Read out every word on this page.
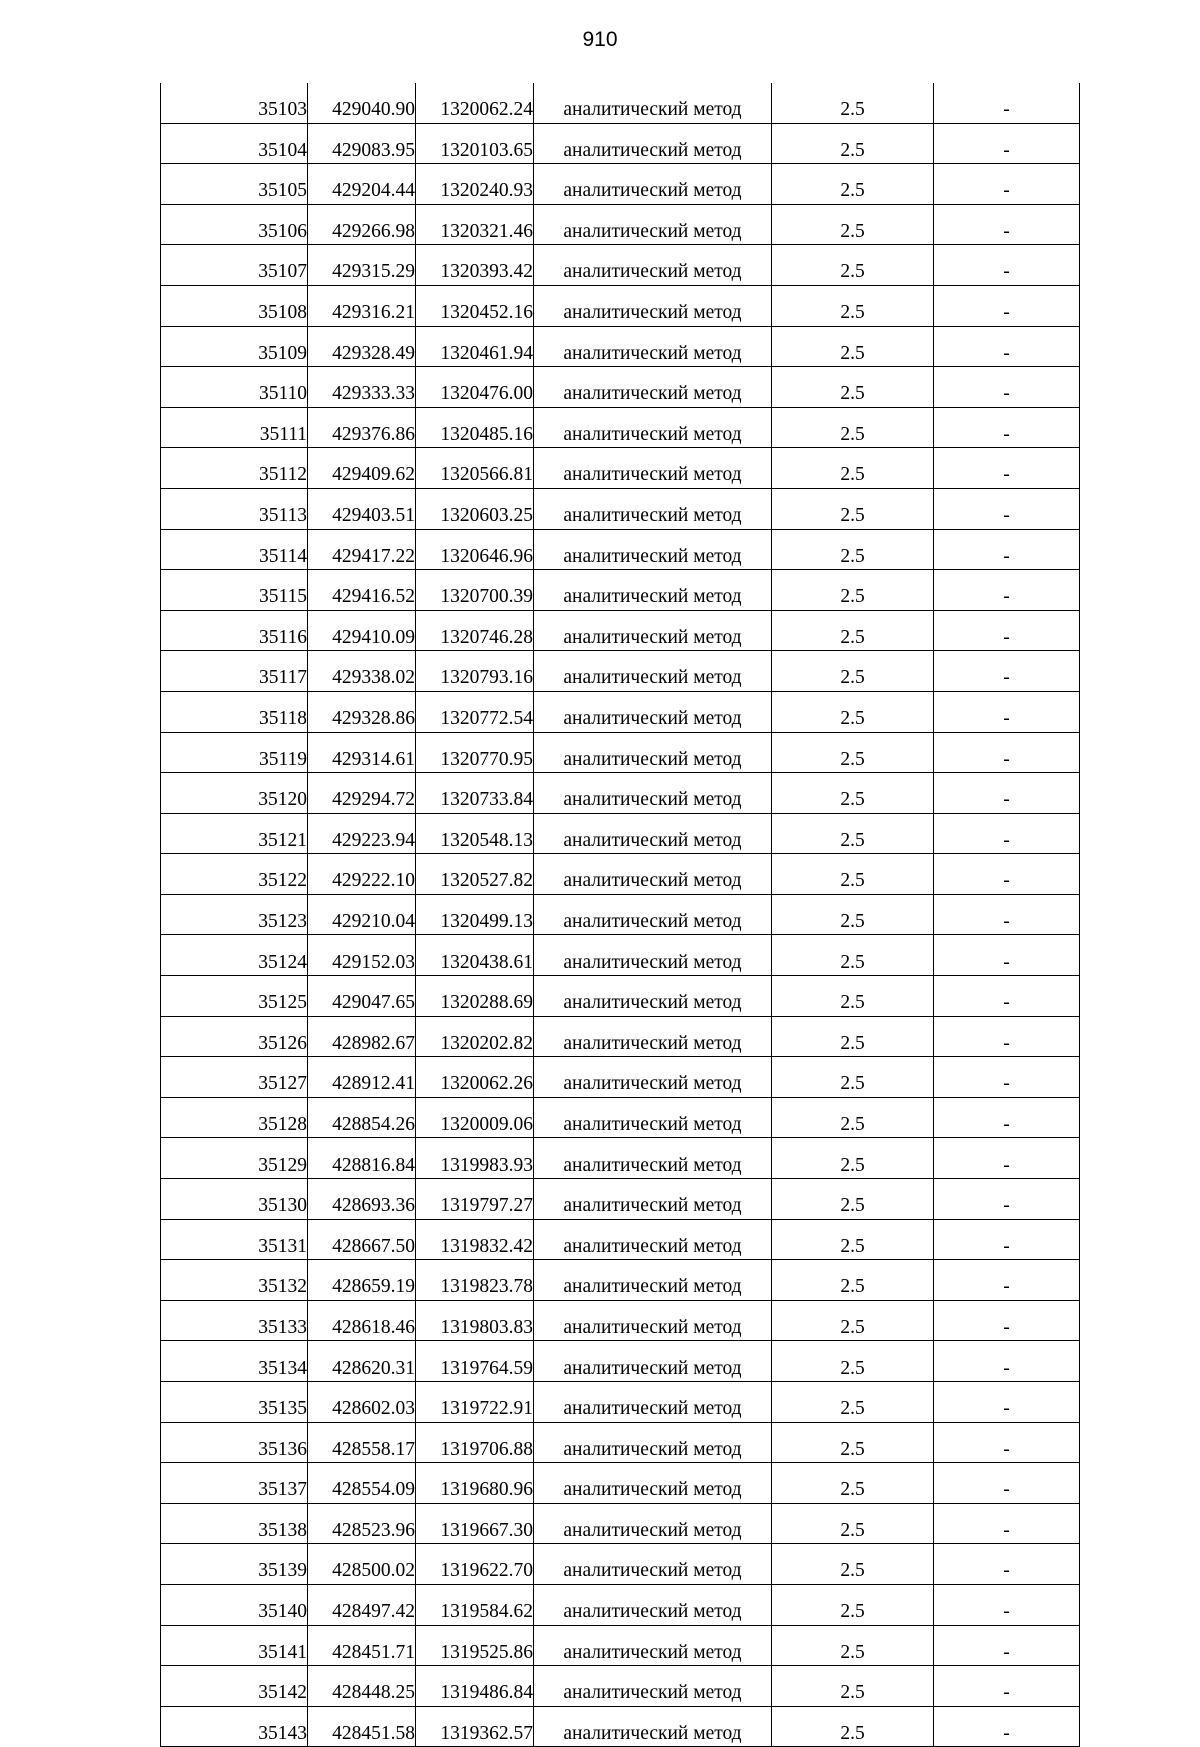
910
35103	429040.90	1320062.24	аналитический метод	2.5	-
35104	429083.95	1320103.65	аналитический метод	2.5	-
35105	429204.44	1320240.93	аналитический метод	2.5	-
35106	429266.98	1320321.46	аналитический метод	2.5	-
35107	429315.29	1320393.42	аналитический метод	2.5	-
35108	429316.21	1320452.16	аналитический метод	2.5	-
35109	429328.49	1320461.94	аналитический метод	2.5	-
35110	429333.33	1320476.00	аналитический метод	2.5	-
35111	429376.86	1320485.16	аналитический метод	2.5	-
35112	429409.62	1320566.81	аналитический метод	2.5	-
35113	429403.51	1320603.25	аналитический метод	2.5	-
35114	429417.22	1320646.96	аналитический метод	2.5	-
35115	429416.52	1320700.39	аналитический метод	2.5	-
35116	429410.09	1320746.28	аналитический метод	2.5	-
35117	429338.02	1320793.16	аналитический метод	2.5	-
35118	429328.86	1320772.54	аналитический метод	2.5	-
35119	429314.61	1320770.95	аналитический метод	2.5	-
35120	429294.72	1320733.84	аналитический метод	2.5	-
35121	429223.94	1320548.13	аналитический метод	2.5	-
35122	429222.10	1320527.82	аналитический метод	2.5	-
35123	429210.04	1320499.13	аналитический метод	2.5	-
35124	429152.03	1320438.61	аналитический метод	2.5	-
35125	429047.65	1320288.69	аналитический метод	2.5	-
35126	428982.67	1320202.82	аналитический метод	2.5	-
35127	428912.41	1320062.26	аналитический метод	2.5	-
35128	428854.26	1320009.06	аналитический метод	2.5	-
35129	428816.84	1319983.93	аналитический метод	2.5	-
35130	428693.36	1319797.27	аналитический метод	2.5	-
35131	428667.50	1319832.42	аналитический метод	2.5	-
35132	428659.19	1319823.78	аналитический метод	2.5	-
35133	428618.46	1319803.83	аналитический метод	2.5	-
35134	428620.31	1319764.59	аналитический метод	2.5	-
35135	428602.03	1319722.91	аналитический метод	2.5	-
35136	428558.17	1319706.88	аналитический метод	2.5	-
35137	428554.09	1319680.96	аналитический метод	2.5	-
35138	428523.96	1319667.30	аналитический метод	2.5	-
35139	428500.02	1319622.70	аналитический метод	2.5	-
35140	428497.42	1319584.62	аналитический метод	2.5	-
35141	428451.71	1319525.86	аналитический метод	2.5	-
35142	428448.25	1319486.84	аналитический метод	2.5	-
35143	428451.58	1319362.57	аналитический метод	2.5	-
